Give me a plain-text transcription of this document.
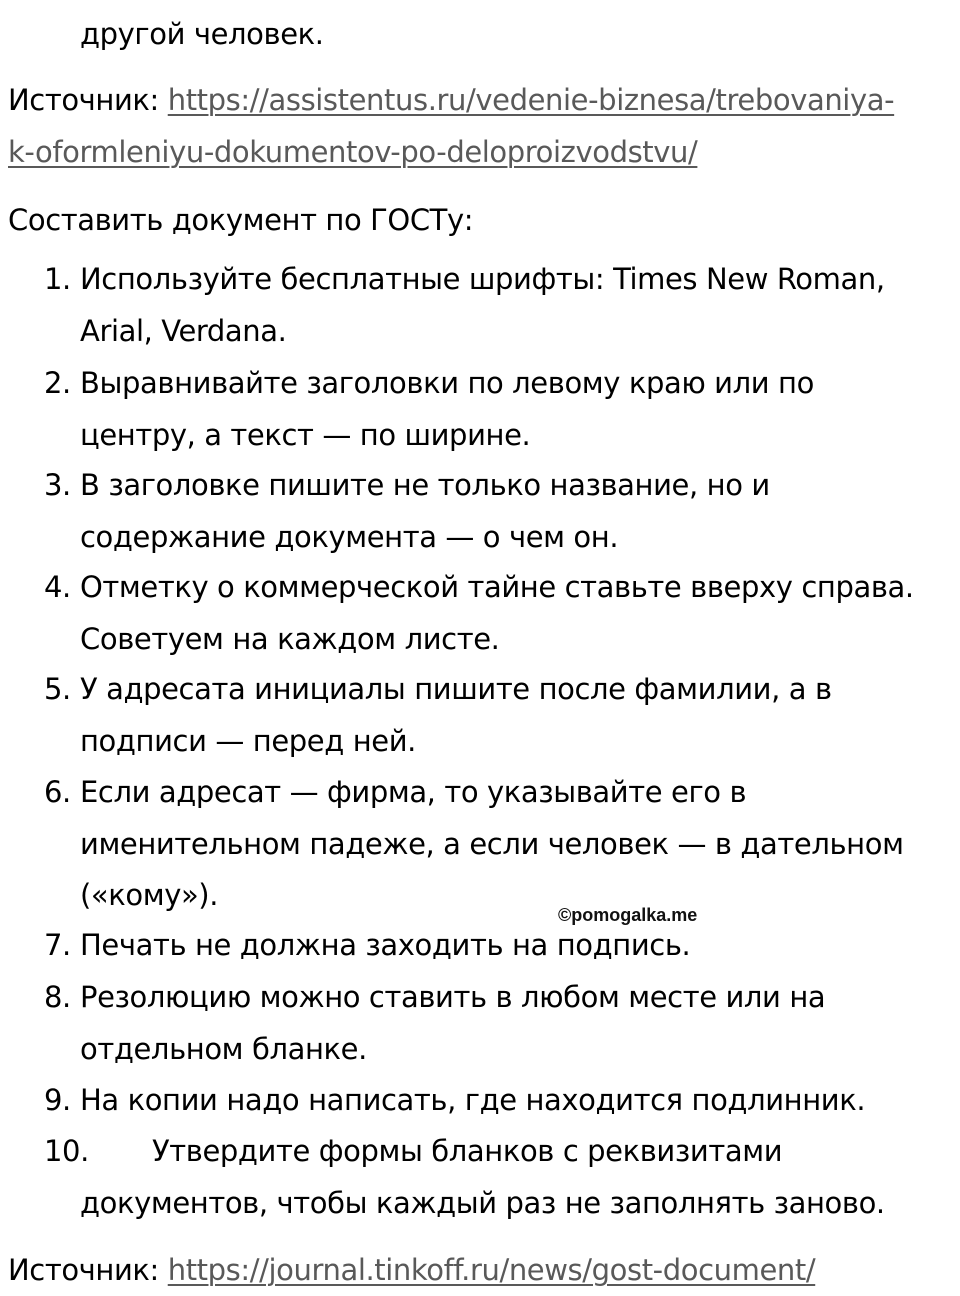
другой человек.
Источник: https://assistentus.ru/vedenie-biznesa/trebovaniya-
k-oformleniyu-dokumentov-po-deloproizvodstvu/
Составить документ по ГОСТу:
1. Используйте бесплатные шрифты: Times New Roman,
Arial, Verdana.
2. Выравнивайте заголовки по левому краю или по
центру, а текст — по ширине.
3. В заголовке пишите не только название, но и
содержание документа — о чем он.
4. Отметку о коммерческой тайне ставьте вверху справа.
Советуем на каждом листе.
5. У адресата инициалы пишите после фамилии, а в
подписи — перед ней.
6. Если адресат — фирма, то указывайте его в
именительном падеже, а если человек — в дательном
(«кому»).
7. Печать не должна заходить на подпись.
8. Резолюцию можно ставить в любом месте или на
отдельном бланке.
9. На копии надо написать, где находится подлинник.
10. Утвердите формы бланков с реквизитами
документов, чтобы каждый раз не заполнять заново.
©pomogalka.me
Источник: https://journal.tinkoff.ru/news/gost-document/
